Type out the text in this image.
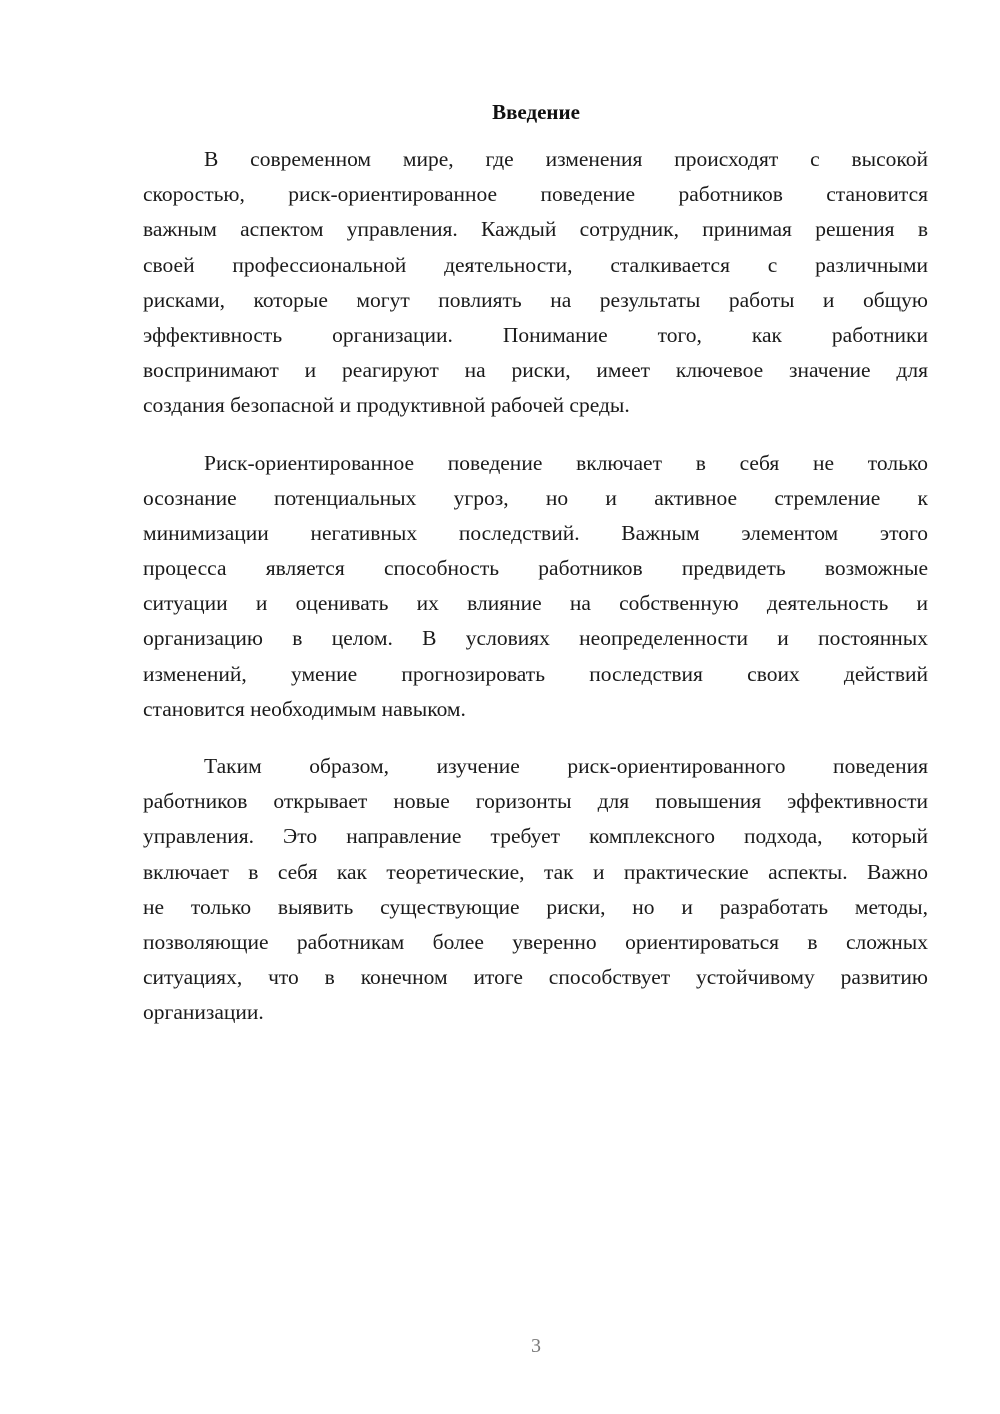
Введение

В современном мире, где изменения происходят с высокой
скоростью, риск-ориентированное поведение работников становится
важным аспектом управления. Каждый сотрудник, принимая решения в
своей профессиональной деятельности, сталкивается с различными
рисками, которые могут повлиять на результаты работы и общую
эффективность организации. Понимание того, как работники
воспринимают и реагируют на риски, имеет ключевое значение для
создания безопасной и продуктивной рабочей среды.

Риск-ориентированное поведение включает в себя не только
осознание потенциальных угроз, но и активное стремление к
минимизации негативных последствий. Важным элементом этого
процесса является способность работников предвидеть возможные
ситуации и оценивать их влияние на собственную деятельность и
организацию в целом. В условиях неопределенности и постоянных
изменений, умение прогнозировать последствия своих действий
становится необходимым навыком.

Таким образом, изучение риск-ориентированного поведения
работников открывает новые горизонты для повышения эффективности
управления. Это направление требует комплексного подхода, который
включает в себя как теоретические, так и практические аспекты. Важно
не только выявить существующие риски, но и разработать методы,
позволяющие работникам более уверенно ориентироваться в сложных
ситуациях, что в конечном итоге способствует устойчивому развитию
организации.

3
